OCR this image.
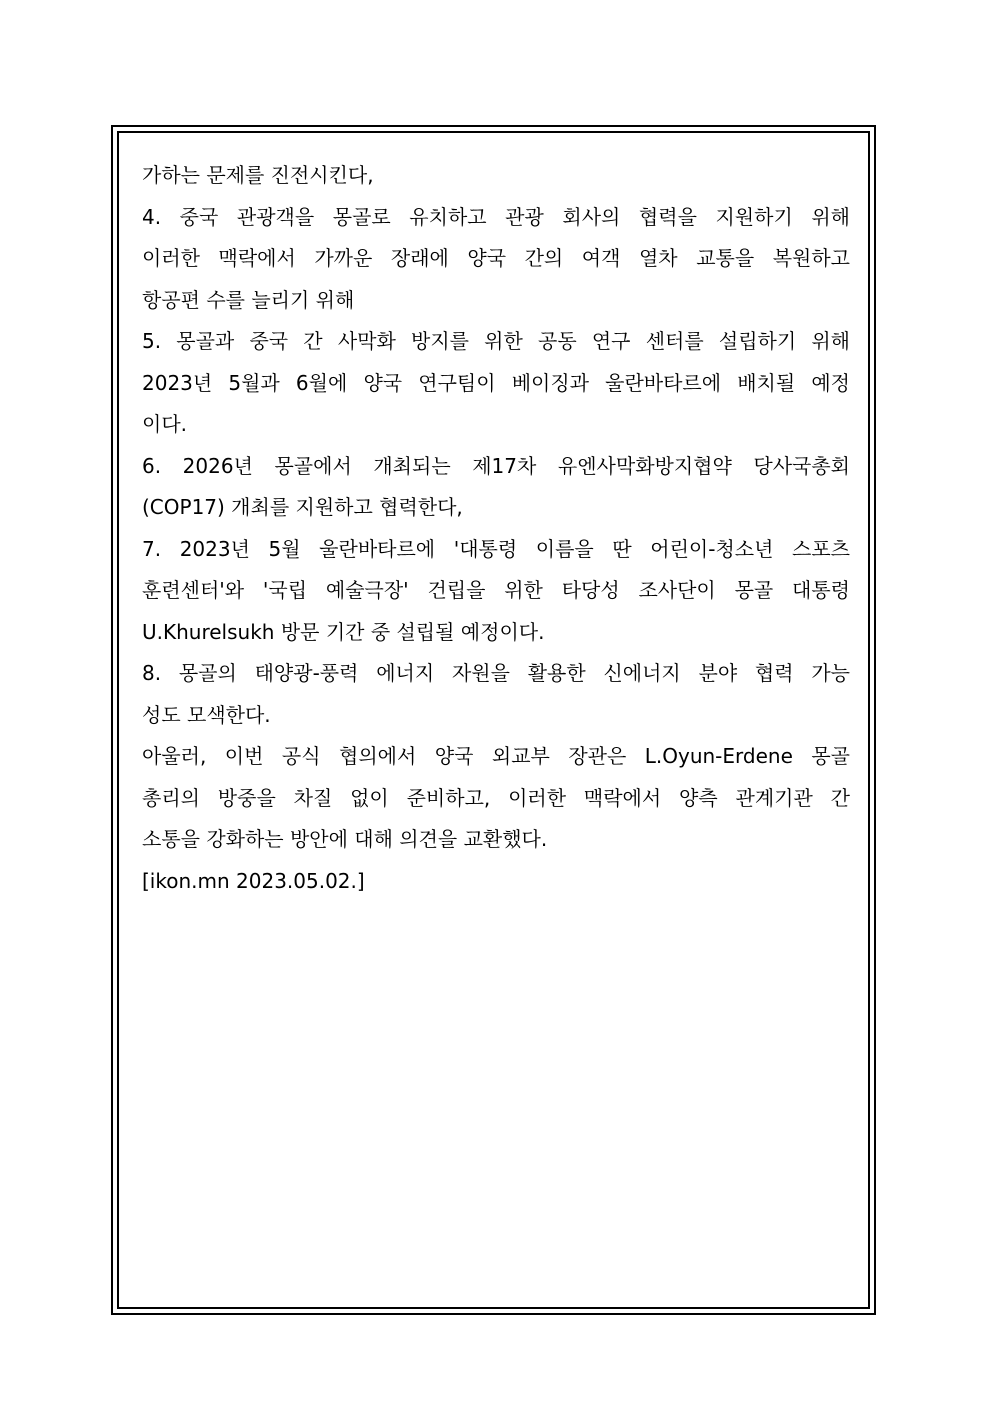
가하는 문제를 진전시킨다,
4. 중국 관광객을 몽골로 유치하고 관광 회사의 협력을 지원하기 위해
이러한 맥락에서 가까운 장래에 양국 간의 여객 열차 교통을 복원하고
항공편 수를 늘리기 위해
5. 몽골과 중국 간 사막화 방지를 위한 공동 연구 센터를 설립하기 위해
2023년 5월과 6월에 양국 연구팀이 베이징과 울란바타르에 배치될 예정
이다.
6. 2026년 몽골에서 개최되는 제17차 유엔사막화방지협약 당사국총회
(COP17) 개최를 지원하고 협력한다,
7. 2023년 5월 울란바타르에 '대통령 이름을 딴 어린이-청소년 스포츠
훈련센터'와 '국립 예술극장' 건립을 위한 타당성 조사단이 몽골 대통령
U.Khurelsukh 방문 기간 중 설립될 예정이다.
8. 몽골의 태양광-풍력 에너지 자원을 활용한 신에너지 분야 협력 가능
성도 모색한다.
아울러, 이번 공식 협의에서 양국 외교부 장관은 L.Oyun-Erdene 몽골
총리의 방중을 차질 없이 준비하고, 이러한 맥락에서 양측 관계기관 간
소통을 강화하는 방안에 대해 의견을 교환했다.
[ikon.mn 2023.05.02.]
